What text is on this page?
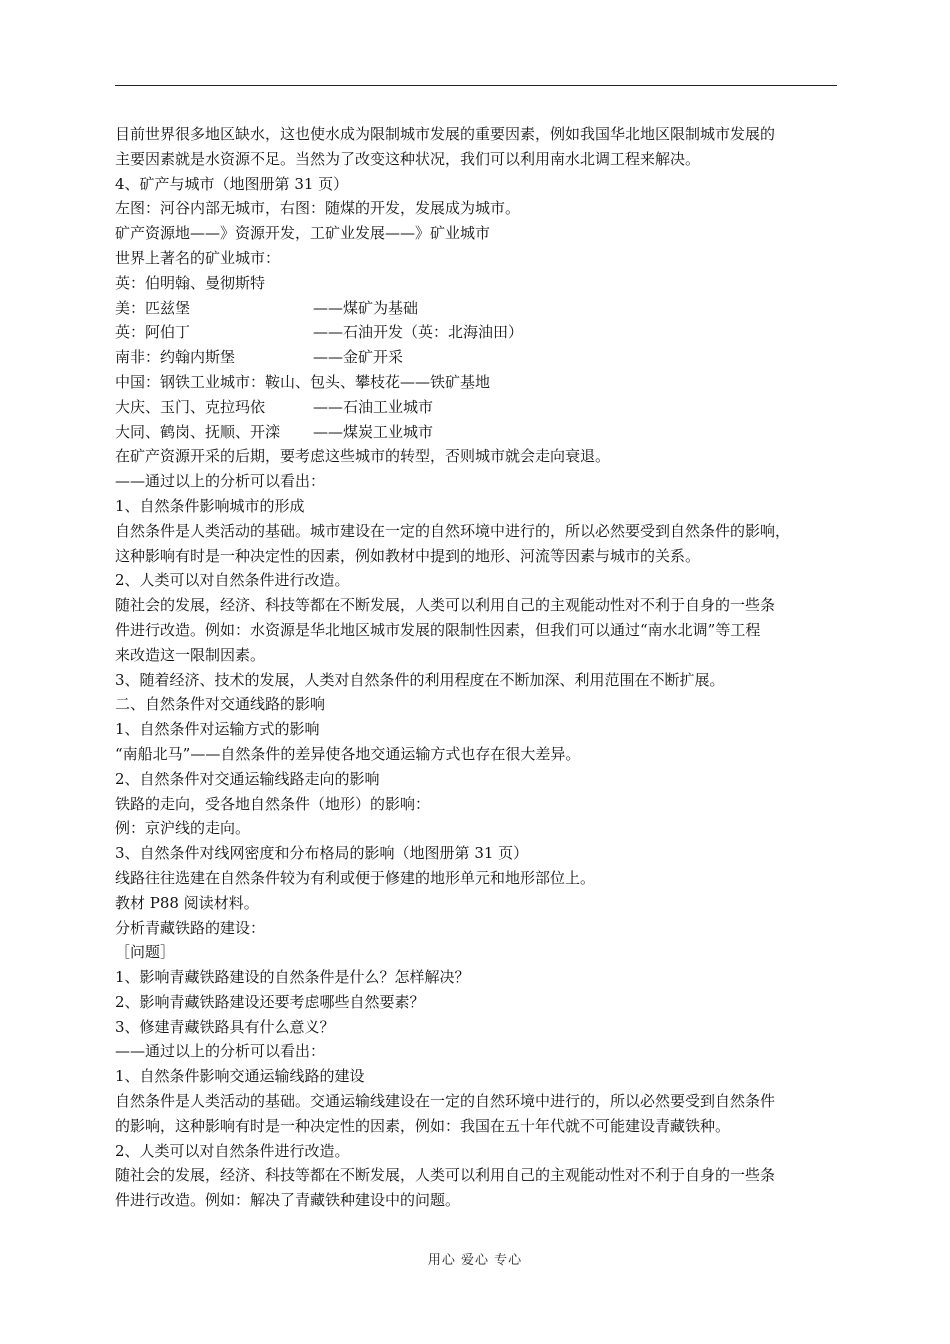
目前世界很多地区缺水，这也使水成为限制城市发展的重要因素，例如我国华北地区限制城市发展的
主要因素就是水资源不足。当然为了改变这种状况，我们可以利用南水北调工程来解决。
4、矿产与城市（地图册第 31 页）
左图：河谷内部无城市，右图：随煤的开发，发展成为城市。
矿产资源地——》资源开发，工矿业发展——》矿业城市
世界上著名的矿业城市：
英：伯明翰、曼彻斯特
美：匹兹堡	——煤矿为基础
英：阿伯丁	——石油开发（英：北海油田）
南非：约翰内斯堡	——金矿开采
中国：钢铁工业城市：鞍山、包头、攀枝花——铁矿基地
大庆、玉门、克拉玛依	——石油工业城市
大同、鹤岗、抚顺、开滦	——煤炭工业城市
在矿产资源开采的后期，要考虑这些城市的转型，否则城市就会走向衰退。
——通过以上的分析可以看出：
1、自然条件影响城市的形成
自然条件是人类活动的基础。城市建设在一定的自然环境中进行的，所以必然要受到自然条件的影响，
这种影响有时是一种决定性的因素，例如教材中提到的地形、河流等因素与城市的关系。
2、人类可以对自然条件进行改造。
随社会的发展，经济、科技等都在不断发展，人类可以利用自己的主观能动性对不利于自身的一些条
件进行改造。例如：水资源是华北地区城市发展的限制性因素，但我们可以通过“南水北调”等工程
来改造这一限制因素。
3、随着经济、技术的发展，人类对自然条件的利用程度在不断加深、利用范围在不断扩展。
二、自然条件对交通线路的影响
1、自然条件对运输方式的影响
“南船北马”——自然条件的差异使各地交通运输方式也存在很大差异。
2、自然条件对交通运输线路走向的影响
铁路的走向，受各地自然条件（地形）的影响：
例：京沪线的走向。
3、自然条件对线网密度和分布格局的影响（地图册第 31 页）
线路往往选建在自然条件较为有利或便于修建的地形单元和地形部位上。
教材 P88 阅读材料。
分析青藏铁路的建设：
［问题］
1、影响青藏铁路建设的自然条件是什么？怎样解决？
2、影响青藏铁路建设还要考虑哪些自然要素？
3、修建青藏铁路具有什么意义？
——通过以上的分析可以看出：
1、自然条件影响交通运输线路的建设
自然条件是人类活动的基础。交通运输线建设在一定的自然环境中进行的，所以必然要受到自然条件
的影响，这种影响有时是一种决定性的因素，例如：我国在五十年代就不可能建设青藏铁种。
2、人类可以对自然条件进行改造。
随社会的发展，经济、科技等都在不断发展，人类可以利用自己的主观能动性对不利于自身的一些条
件进行改造。例如：解决了青藏铁种建设中的问题。
用心 爱心 专心
